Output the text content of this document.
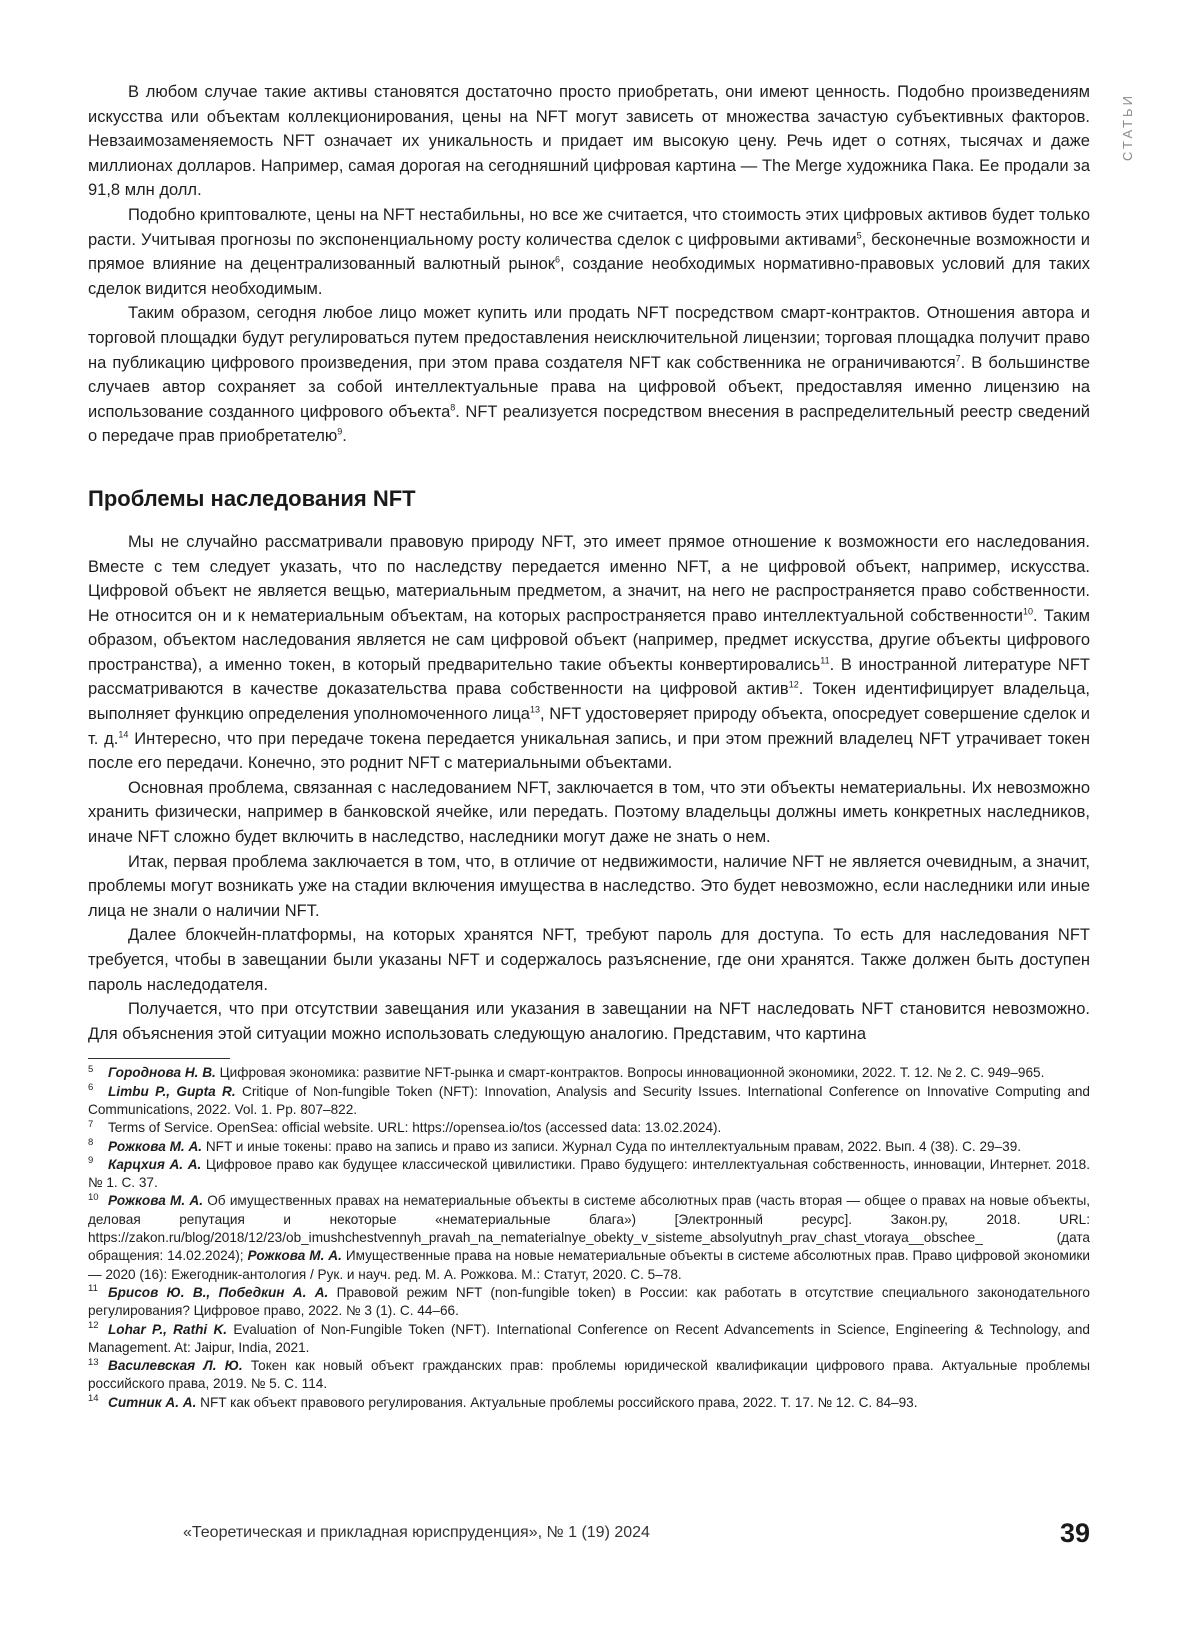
СТАТЬИ

В любом случае такие активы становятся достаточно просто приобретать, они имеют ценность. Подобно произведениям искусства или объектам коллекционирования, цены на NFT могут зависеть от множества зачастую субъективных факторов. Невзаимозаменяемость NFT означает их уникальность и придает им высокую цену. Речь идет о сотнях, тысячах и даже миллионах долларов. Например, самая дорогая на сегодняшний цифровая картина — The Merge художника Пака. Ее продали за 91,8 млн долл.

Подобно криптовалюте, цены на NFT нестабильны, но все же считается, что стоимость этих цифровых активов будет только расти. Учитывая прогнозы по экспоненциальному росту количества сделок с цифровыми активами$^5$, бесконечные возможности и прямое влияние на децентрализованный валютный рынок$^6$, создание необходимых нормативно-правовых условий для таких сделок видится необходимым.

Таким образом, сегодня любое лицо может купить или продать NFT посредством смарт-контрактов. Отношения автора и торговой площадки будут регулироваться путем предоставления неисключительной лицензии; торговая площадка получит право на публикацию цифрового произведения, при этом права создателя NFT как собственника не ограничиваются$^7$. В большинстве случаев автор сохраняет за собой интеллектуальные права на цифровой объект, предоставляя именно лицензию на использование созданного цифрового объекта$^8$. NFT реализуется посредством внесения в распределительный реестр сведений о передаче прав приобретателю$^9$.

Проблемы наследования NFT

Мы не случайно рассматривали правовую природу NFT, это имеет прямое отношение к возможности его наследования. Вместе с тем следует указать, что по наследству передается именно NFT, а не цифровой объект, например, искусства. Цифровой объект не является вещью, материальным предметом, а значит, на него не распространяется право собственности. Не относится он и к нематериальным объектам, на которых распространяется право интеллектуальной собственности$^{10}$. Таким образом, объектом наследования является не сам цифровой объект (например, предмет искусства, другие объекты цифрового пространства), а именно токен, в который предварительно такие объекты конвертировались$^{11}$. В иностранной литературе NFT рассматриваются в качестве доказательства права собственности на цифровой актив$^{12}$. Токен идентифицирует владельца, выполняет функцию определения уполномоченного лица$^{13}$, NFT удостоверяет природу объекта, опосредует совершение сделок и т. д.$^{14}$ Интересно, что при передаче токена передается уникальная запись, и при этом прежний владелец NFT утрачивает токен после его передачи. Конечно, это роднит NFT с материальными объектами.

Основная проблема, связанная с наследованием NFT, заключается в том, что эти объекты нематериальны. Их невозможно хранить физически, например в банковской ячейке, или передать. Поэтому владельцы должны иметь конкретных наследников, иначе NFT сложно будет включить в наследство, наследники могут даже не знать о нем.

Итак, первая проблема заключается в том, что, в отличие от недвижимости, наличие NFT не является очевидным, а значит, проблемы могут возникать уже на стадии включения имущества в наследство. Это будет невозможно, если наследники или иные лица не знали о наличии NFT.

Далее блокчейн-платформы, на которых хранятся NFT, требуют пароль для доступа. То есть для наследования NFT требуется, чтобы в завещании были указаны NFT и содержалось разъяснение, где они хранятся. Также должен быть доступен пароль наследодателя.

Получается, что при отсутствии завещания или указания в завещании на NFT наследовать NFT становится невозможно. Для объяснения этой ситуации можно использовать следующую аналогию. Представим, что картина

5 Городнова Н. В. Цифровая экономика: развитие NFT-рынка и смарт-контрактов. Вопросы инновационной экономики, 2022. Т. 12. № 2. С. 949–965.

6 Limbu P., Gupta R. Critique of Non-fungible Token (NFT): Innovation, Analysis and Security Issues. International Conference on Innovative Computing and Communications, 2022. Vol. 1. Pp. 807–822.

7 Terms of Service. OpenSea: official website. URL: https://opensea.io/tos (accessed data: 13.02.2024).

8 Рожкова М. А. NFT и иные токены: право на запись и право из записи. Журнал Суда по интеллектуальным правам, 2022. Вып. 4 (38). С. 29–39.

9 Карцхия А. А. Цифровое право как будущее классической цивилистики. Право будущего: интеллектуальная собственность, инновации, Интернет. 2018. № 1. С. 37.

10 Рожкова М. А. Об имущественных правах на нематериальные объекты в системе абсолютных прав (часть вторая — общее о правах на новые объекты, деловая репутация и некоторые «нематериальные блага») [Электронный ресурс]. Закон.ру, 2018. URL: https://zakon.ru/blog/2018/12/23/ob_imushchestvennyh_pravah_na_nematerialnye_obekty_v_sisteme_absolyutnyh_prav_chast_vtoraya__obschee_ (дата обращения: 14.02.2024); Рожкова М. А. Имущественные права на новые нематериальные объекты в системе абсолютных прав. Право цифровой экономики — 2020 (16): Ежегодник-антология / Рук. и науч. ред. М. А. Рожкова. М.: Статут, 2020. С. 5–78.

11 Брисов Ю. В., Победкин А. А. Правовой режим NFT (non-fungible token) в России: как работать в отсутствие специального законодательного регулирования? Цифровое право, 2022. № 3 (1). С. 44–66.

12 Lohar P., Rathi K. Evaluation of Non-Fungible Token (NFT). International Conference on Recent Advancements in Science, Engineering & Technology, and Management. At: Jaipur, India, 2021.

13 Василевская Л. Ю. Токен как новый объект гражданских прав: проблемы юридической квалификации цифрового права. Актуальные проблемы российского права, 2019. № 5. С. 114.

14 Ситник А. А. NFT как объект правового регулирования. Актуальные проблемы российского права, 2022. Т. 17. № 12. С. 84–93.

«Теоретическая и прикладная юриспруденция», № 1 (19) 2024	39
